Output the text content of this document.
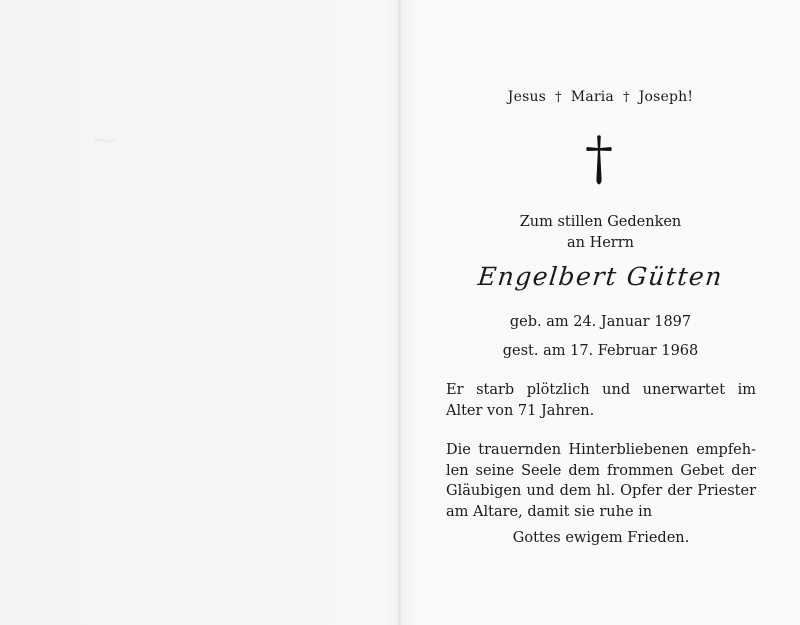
Jesus † Maria † Joseph!
Zum stillen Gedenken
an Herrn
Engelbert Gütten
geb. am 24. Januar 1897
gest. am 17. Februar 1968
Er starb plötzlich und unerwartet im
Alter von 71 Jahren.
Die trauernden Hinterbliebenen empfeh-
len seine Seele dem frommen Gebet der
Gläubigen und dem hl. Opfer der Priester
am Altare, damit sie ruhe in
Gottes ewigem Frieden.
